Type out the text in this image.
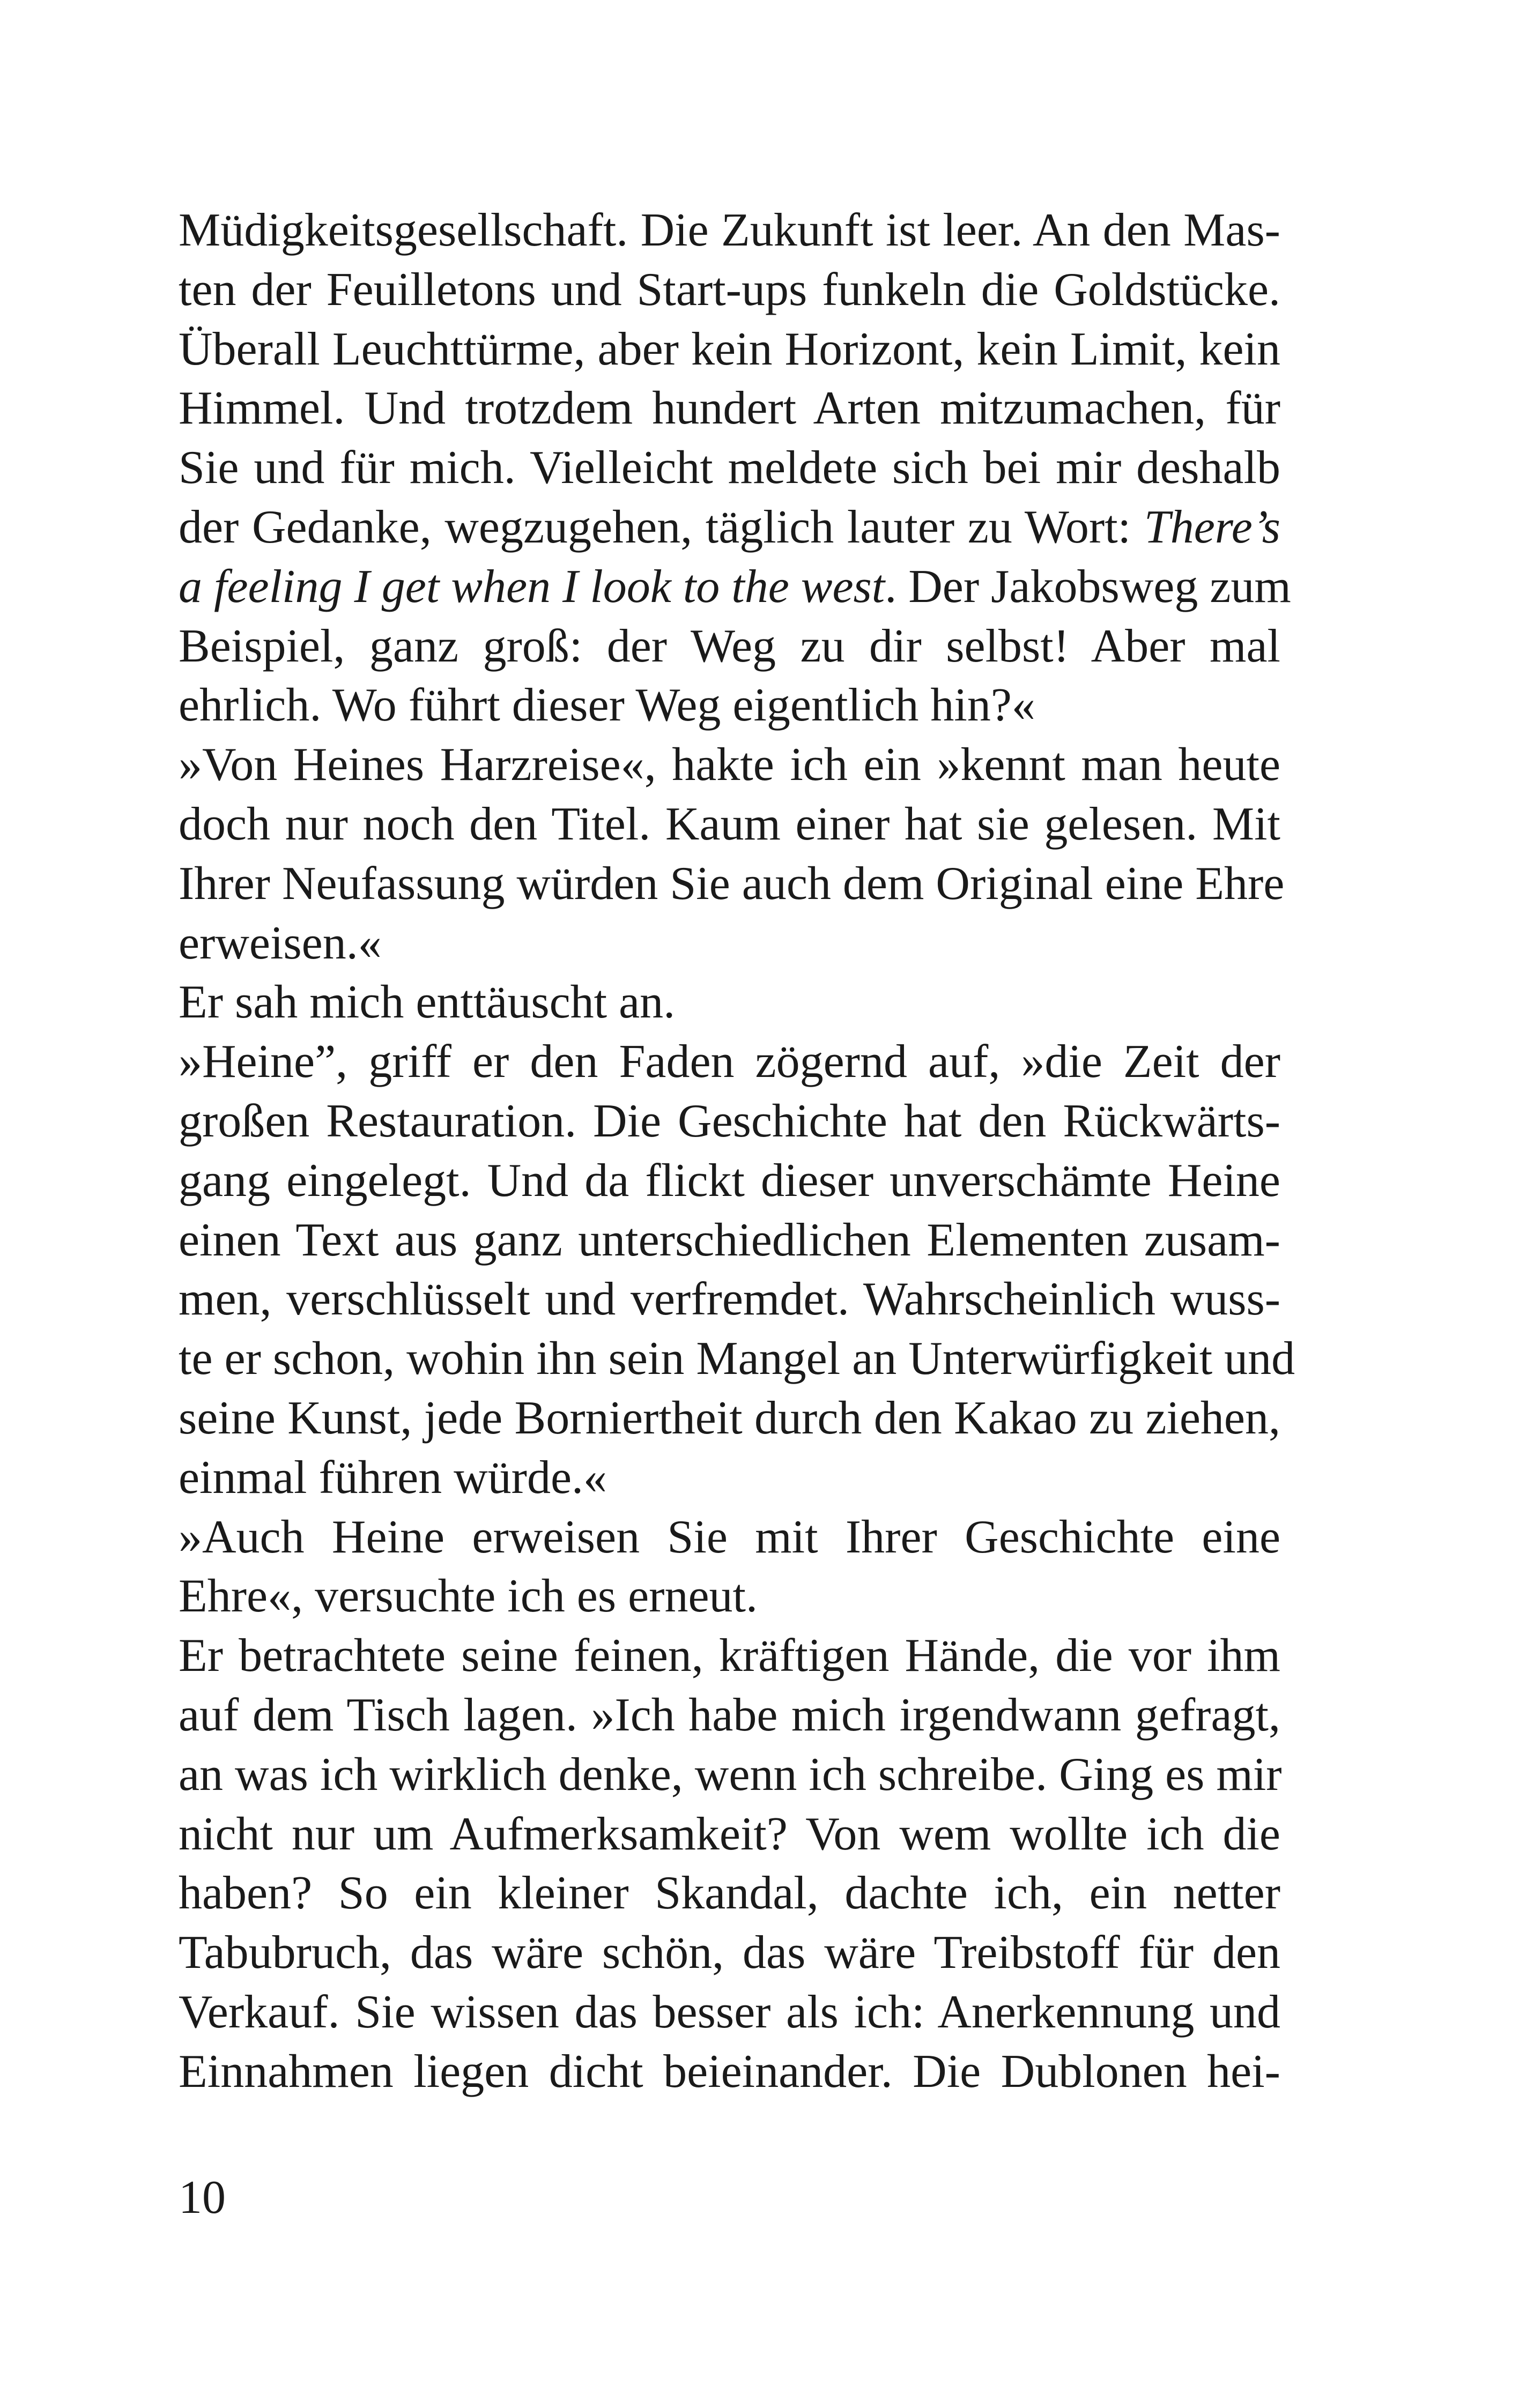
Müdigkeitsgesellschaft. Die Zukunft ist leer. An den Mas-
ten der Feuilletons und Start-ups funkeln die Goldstücke.
Überall Leuchttürme, aber kein Horizont, kein Limit, kein
Himmel. Und trotzdem hundert Arten mitzumachen, für
Sie und für mich. Vielleicht meldete sich bei mir deshalb
der Gedanke, wegzugehen, täglich lauter zu Wort: There’s
a feeling I get when I look to the west. Der Jakobsweg zum
Beispiel, ganz groß: der Weg zu dir selbst! Aber mal
ehrlich. Wo führt dieser Weg eigentlich hin?«
»Von Heines Harzreise«, hakte ich ein »kennt man heute
doch nur noch den Titel. Kaum einer hat sie gelesen. Mit
Ihrer Neufassung würden Sie auch dem Original eine Ehre
erweisen.«
Er sah mich enttäuscht an.
»Heine”, griff er den Faden zögernd auf, »die Zeit der
großen Restauration. Die Geschichte hat den Rückwärts-
gang eingelegt. Und da flickt dieser unverschämte Heine
einen Text aus ganz unterschiedlichen Elementen zusam-
men, verschlüsselt und verfremdet. Wahrscheinlich wuss-
te er schon, wohin ihn sein Mangel an Unterwürfigkeit und
seine Kunst, jede Borniertheit durch den Kakao zu ziehen,
einmal führen würde.«
»Auch Heine erweisen Sie mit Ihrer Geschichte eine
Ehre«, versuchte ich es erneut.
Er betrachtete seine feinen, kräftigen Hände, die vor ihm
auf dem Tisch lagen. »Ich habe mich irgendwann gefragt,
an was ich wirklich denke, wenn ich schreibe. Ging es mir
nicht nur um Aufmerksamkeit? Von wem wollte ich die
haben? So ein kleiner Skandal, dachte ich, ein netter
Tabubruch, das wäre schön, das wäre Treibstoff für den
Verkauf. Sie wissen das besser als ich: Anerkennung und
Einnahmen liegen dicht beieinander. Die Dublonen hei-
10
